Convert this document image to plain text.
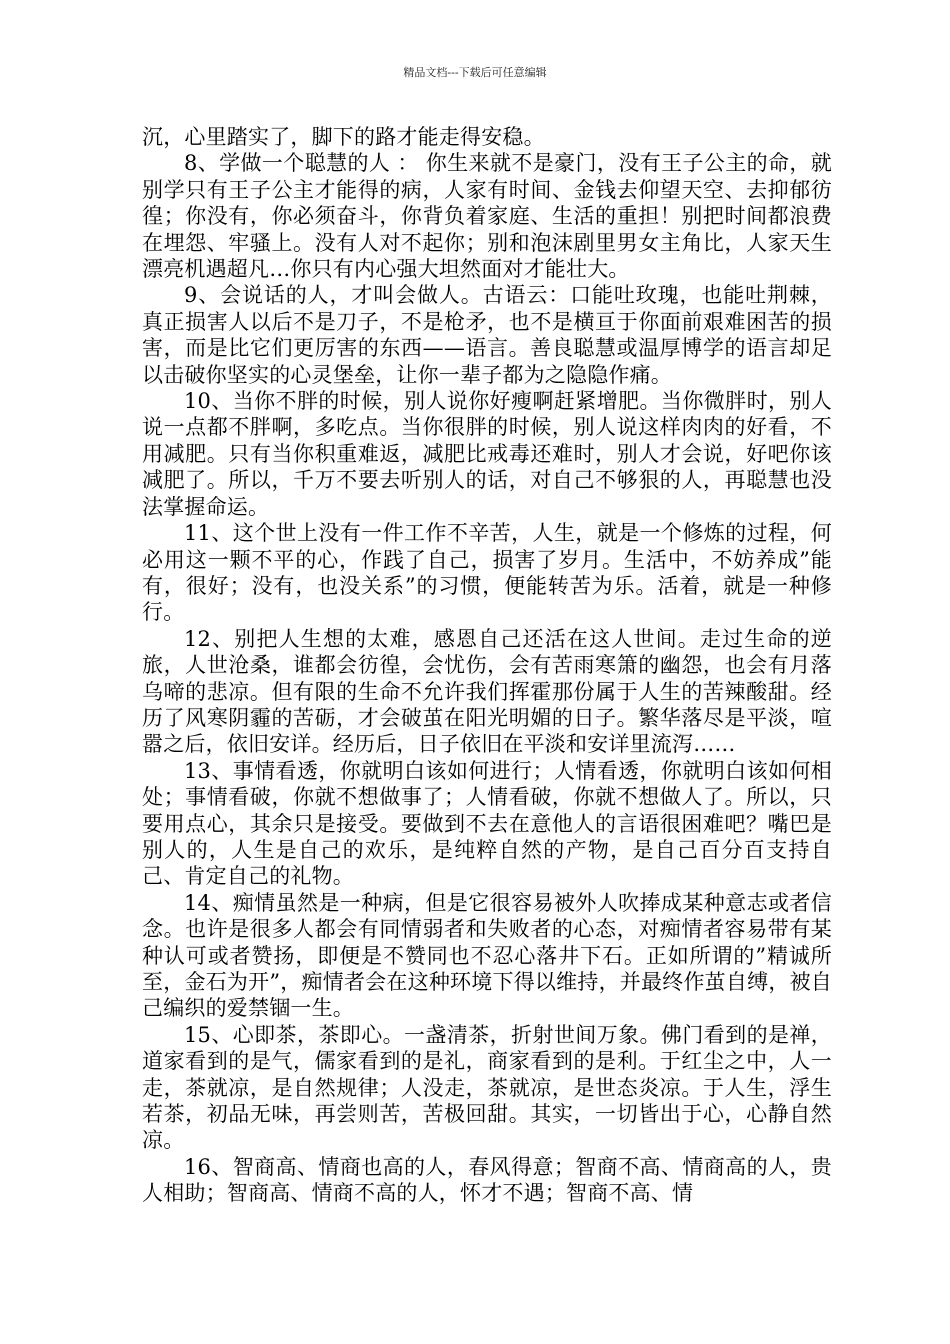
精品文档---下载后可任意编辑

沉，心里踏实了，脚下的路才能走得安稳。

8、学做一个聪慧的人 ： 你生来就不是豪门，没有王子公主的命，就别学只有王子公主才能得的病，人家有时间、金钱去仰望天空、去抑郁彷徨；你没有，你必须奋斗，你背负着家庭、生活的重担！别把时间都浪费在埋怨、牢骚上。没有人对不起你；别和泡沫剧里男女主角比，人家天生漂亮机遇超凡…你只有内心强大坦然面对才能壮大。

9、会说话的人，才叫会做人。古语云：口能吐玫瑰，也能吐荆棘，真正损害人以后不是刀子，不是枪矛，也不是横亘于你面前艰难困苦的损害，而是比它们更厉害的东西——语言。善良聪慧或温厚博学的语言却足以击破你坚实的心灵堡垒，让你一辈子都为之隐隐作痛。

10、当你不胖的时候，别人说你好瘦啊赶紧增肥。当你微胖时，别人说一点都不胖啊，多吃点。当你很胖的时候，别人说这样肉肉的好看，不用减肥。只有当你积重难返，减肥比戒毒还难时，别人才会说，好吧你该减肥了。所以，千万不要去听别人的话，对自己不够狠的人，再聪慧也没法掌握命运。

11、这个世上没有一件工作不辛苦，人生，就是一个修炼的过程，何必用这一颗不平的心，作践了自己，损害了岁月。生活中，不妨养成”能有，很好；没有，也没关系”的习惯，便能转苦为乐。活着，就是一种修行。

12、别把人生想的太难，感恩自己还活在这人世间。走过生命的逆旅，人世沧桑，谁都会彷徨，会忧伤，会有苦雨寒箫的幽怨，也会有月落乌啼的悲凉。但有限的生命不允许我们挥霍那份属于人生的苦辣酸甜。经历了风寒阴霾的苦砺，才会破茧在阳光明媚的日子。繁华落尽是平淡，喧嚣之后，依旧安详。经历后，日子依旧在平淡和安详里流泻……

13、事情看透，你就明白该如何进行；人情看透，你就明白该如何相处；事情看破，你就不想做事了；人情看破，你就不想做人了。所以，只要用点心，其余只是接受。要做到不去在意他人的言语很困难吧？嘴巴是别人的，人生是自己的欢乐，是纯粹自然的产物，是自己百分百支持自己、肯定自己的礼物。

14、痴情虽然是一种病，但是它很容易被外人吹捧成某种意志或者信念。也许是很多人都会有同情弱者和失败者的心态，对痴情者容易带有某种认可或者赞扬，即便是不赞同也不忍心落井下石。正如所谓的”精诚所至，金石为开”，痴情者会在这种环境下得以维持，并最终作茧自缚，被自己编织的爱禁锢一生。

15、心即茶，茶即心。一盏清茶，折射世间万象。佛门看到的是禅，道家看到的是气，儒家看到的是礼，商家看到的是利。于红尘之中，人一走，茶就凉，是自然规律；人没走，茶就凉，是世态炎凉。于人生，浮生若茶，初品无味，再尝则苦，苦极回甜。其实，一切皆出于心，心静自然凉。

16、智商高、情商也高的人，春风得意；智商不高、情商高的人，贵人相助；智商高、情商不高的人，怀才不遇；智商不高、情
